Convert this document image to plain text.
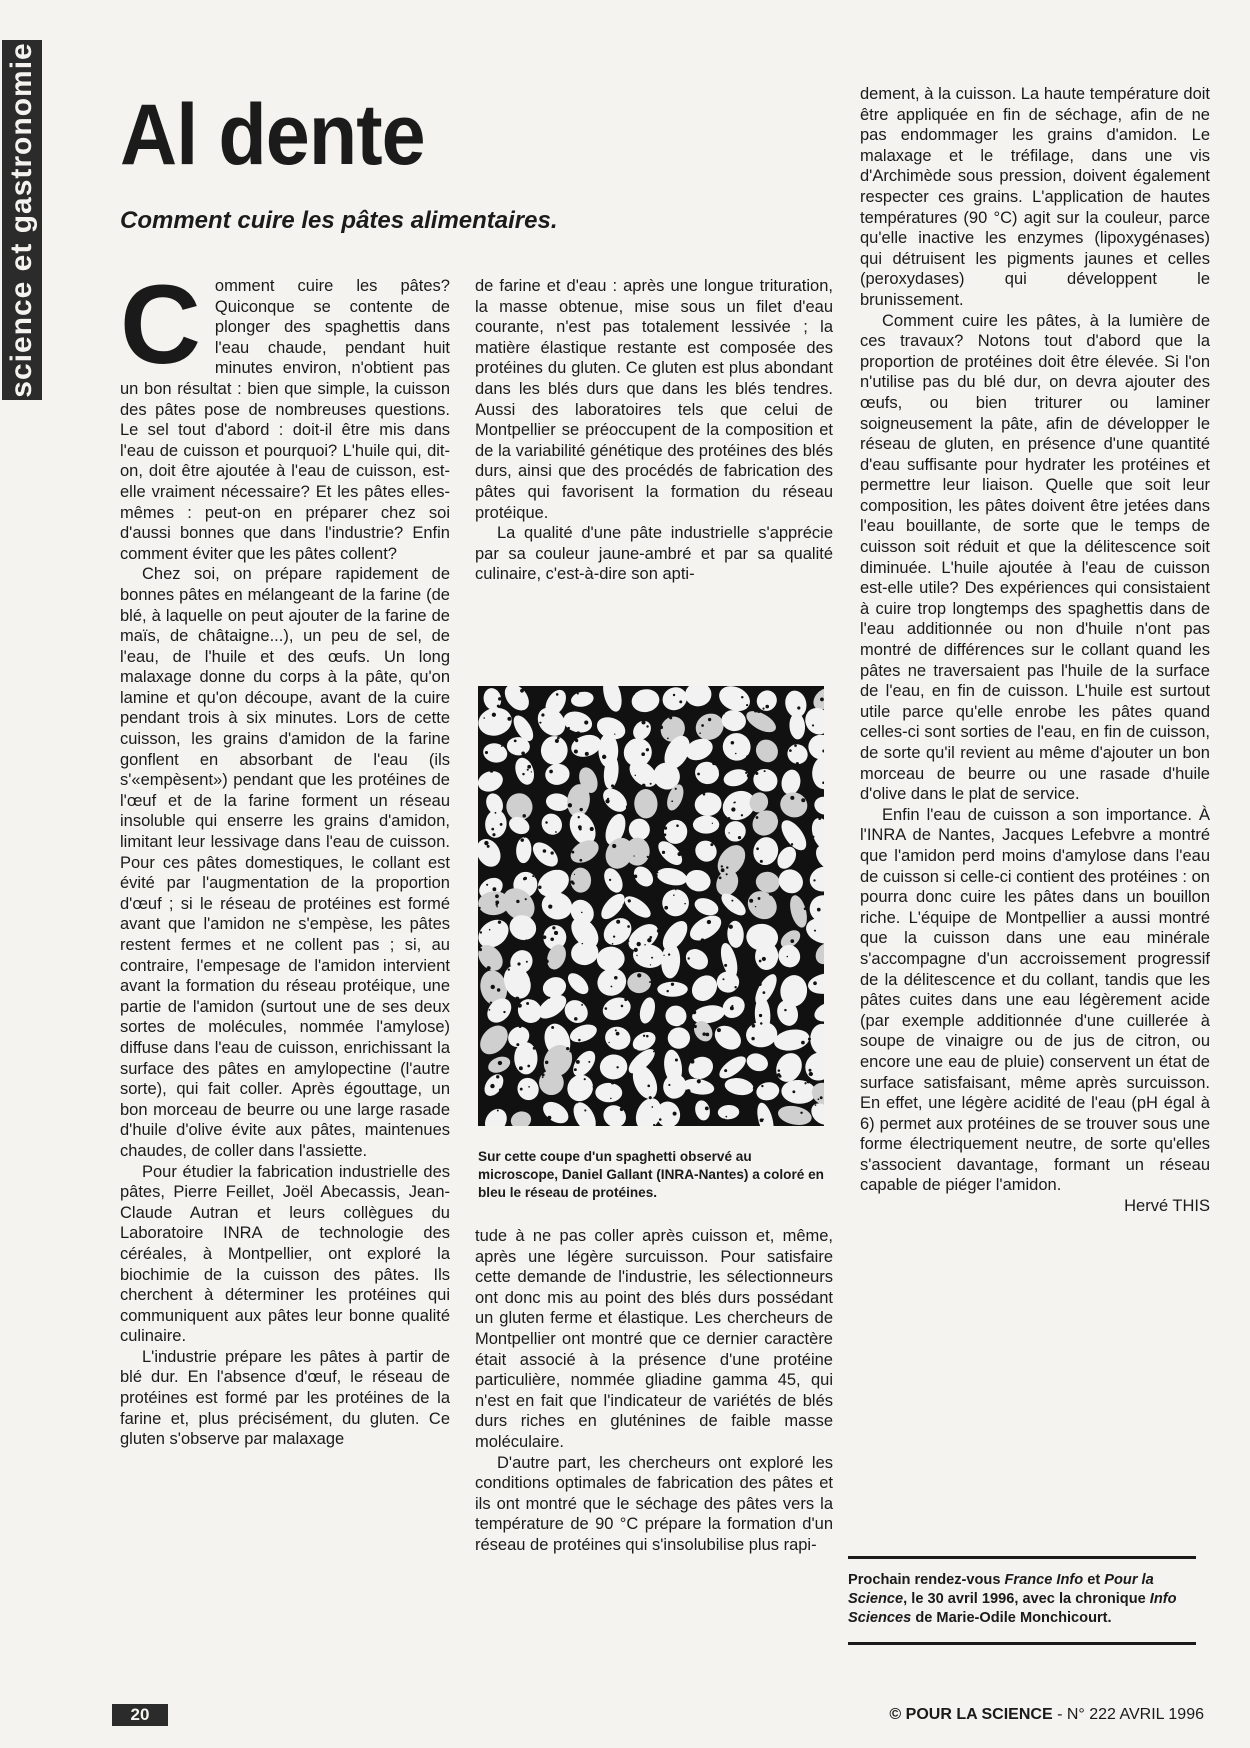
science et gastronomie Al dente
Comment cuire les pâtes alimentaires.

Comment cuire les pâtes? Quiconque se contente de plonger des spaghettis dans l'eau chaude, pendant huit minutes environ, n'obtient pas un bon résultat : bien que simple, la cuisson des pâtes pose de nombreuses questions. Le sel tout d'abord : doit-il être mis dans l'eau de cuisson et pourquoi? L'huile qui, dit-on, doit être ajoutée à l'eau de cuisson, est-elle vraiment nécessaire? Et les pâtes elles-mêmes : peut-on en préparer chez soi d'aussi bonnes que dans l'industrie? Enfin comment éviter que les pâtes collent?

Chez soi, on prépare rapidement de bonnes pâtes en mélangeant de la farine (de blé, à laquelle on peut ajouter de la farine de maïs, de châtaigne...), un peu de sel, de l'eau, de l'huile et des œufs. Un long malaxage donne du corps à la pâte, qu'on lamine et qu'on découpe, avant de la cuire pendant trois à six minutes. Lors de cette cuisson, les grains d'amidon de la farine gonflent en absorbant de l'eau (ils s'«empèsent») pendant que les protéines de l'œuf et de la farine forment un réseau insoluble qui enserre les grains d'amidon, limitant leur lessivage dans l'eau de cuisson. Pour ces pâtes domestiques, le collant est évité par l'augmentation de la proportion d'œuf ; si le réseau de protéines est formé avant que l'amidon ne s'empèse, les pâtes restent fermes et ne collent pas ; si, au contraire, l'empesage de l'amidon intervient avant la formation du réseau protéique, une partie de l'amidon (surtout une de ses deux sortes de molécules, nommée l'amylose) diffuse dans l'eau de cuisson, enrichissant la surface des pâtes en amylopectine (l'autre sorte), qui fait coller. Après égouttage, un bon morceau de beurre ou une large rasade d'huile d'olive évite aux pâtes, maintenues chaudes, de coller dans l'assiette.

Pour étudier la fabrication industrielle des pâtes, Pierre Feillet, Joël Abecassis, Jean-Claude Autran et leurs collègues du Laboratoire INRA de technologie des céréales, à Montpellier, ont exploré la biochimie de la cuisson des pâtes. Ils cherchent à déterminer les protéines qui communiquent aux pâtes leur bonne qualité culinaire.

L'industrie prépare les pâtes à partir de blé dur. En l'absence d'œuf, le réseau de protéines est formé par les protéines de la farine et, plus précisément, du gluten. Ce gluten s'observe par malaxage

de farine et d'eau : après une longue trituration, la masse obtenue, mise sous un filet d'eau courante, n'est pas totalement lessivée ; la matière élastique restante est composée des protéines du gluten. Ce gluten est plus abondant dans les blés durs que dans les blés tendres. Aussi des laboratoires tels que celui de Montpellier se préoccupent de la composition et de la variabilité génétique des protéines des blés durs, ainsi que des procédés de fabrication des pâtes qui favorisent la formation du réseau protéique.

La qualité d'une pâte industrielle s'apprécie par sa couleur jaune-ambré et par sa qualité culinaire, c'est-à-dire son apti-

Sur cette coupe d'un spaghetti observé au microscope, Daniel Gallant (INRA-Nantes) a coloré en bleu le réseau de protéines.

tude à ne pas coller après cuisson et, même, après une légère surcuisson. Pour satisfaire cette demande de l'industrie, les sélectionneurs ont donc mis au point des blés durs possédant un gluten ferme et élastique. Les chercheurs de Montpellier ont montré que ce dernier caractère était associé à la présence d'une protéine particulière, nommée gliadine gamma 45, qui n'est en fait que l'indicateur de variétés de blés durs riches en gluténines de faible masse moléculaire.

D'autre part, les chercheurs ont exploré les conditions optimales de fabrication des pâtes et ils ont montré que le séchage des pâtes vers la température de 90 °C prépare la formation d'un réseau de protéines qui s'insolubilise plus rapi-

dement, à la cuisson. La haute température doit être appliquée en fin de séchage, afin de ne pas endommager les grains d'amidon. Le malaxage et le tréfilage, dans une vis d'Archimède sous pression, doivent également respecter ces grains. L'application de hautes températures (90 °C) agit sur la couleur, parce qu'elle inactive les enzymes (lipoxygénases) qui détruisent les pigments jaunes et celles (peroxydases) qui développent le brunissement.

Comment cuire les pâtes, à la lumière de ces travaux? Notons tout d'abord que la proportion de protéines doit être élevée. Si l'on n'utilise pas du blé dur, on devra ajouter des œufs, ou bien triturer ou laminer soigneusement la pâte, afin de développer le réseau de gluten, en présence d'une quantité d'eau suffisante pour hydrater les protéines et permettre leur liaison. Quelle que soit leur composition, les pâtes doivent être jetées dans l'eau bouillante, de sorte que le temps de cuisson soit réduit et que la délitescence soit diminuée. L'huile ajoutée à l'eau de cuisson est-elle utile? Des expériences qui consistaient à cuire trop longtemps des spaghettis dans de l'eau additionnée ou non d'huile n'ont pas montré de différences sur le collant quand les pâtes ne traversaient pas l'huile de la surface de l'eau, en fin de cuisson. L'huile est surtout utile parce qu'elle enrobe les pâtes quand celles-ci sont sorties de l'eau, en fin de cuisson, de sorte qu'il revient au même d'ajouter un bon morceau de beurre ou une rasade d'huile d'olive dans le plat de service.

Enfin l'eau de cuisson a son importance. À l'INRA de Nantes, Jacques Lefebvre a montré que l'amidon perd moins d'amylose dans l'eau de cuisson si celle-ci contient des protéines : on pourra donc cuire les pâtes dans un bouillon riche. L'équipe de Montpellier a aussi montré que la cuisson dans une eau minérale s'accompagne d'un accroissement progressif de la délitescence et du collant, tandis que les pâtes cuites dans une eau légèrement acide (par exemple additionnée d'une cuillerée à soupe de vinaigre ou de jus de citron, ou encore une eau de pluie) conservent un état de surface satisfaisant, même après surcuisson. En effet, une légère acidité de l'eau (pH égal à 6) permet aux protéines de se trouver sous une forme électriquement neutre, de sorte qu'elles s'associent davantage, formant un réseau capable de piéger l'amidon.

Hervé THIS

Prochain rendez-vous France Info et Pour la Science, le 30 avril 1996, avec la chronique Info Sciences de Marie-Odile Monchicourt.
20	© POUR LA SCIENCE - N° 222 AVRIL 1996
